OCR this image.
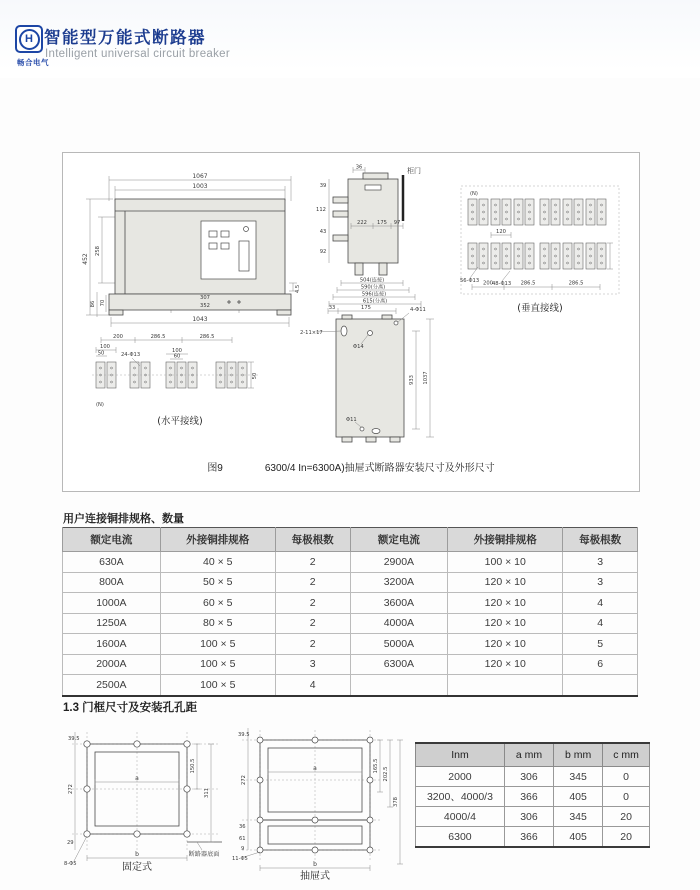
H
畅合电气
智能型万能式断路器
Intelligent universal circuit breaker
1067
1003
452
258
86 70
307
352
1043
4.5
柜门
36
39
112
43
92
222 175 97
504(连接)
590(分离)
596(连接)
615(分离)
(N)
120
56-Φ13 48-Φ13
200	286.5	286.5
(垂直接线)
200	286.5	286.5
100
50	24-Φ13
100
60
50
(N)
(水平接线)
33	175	4-Φ11
2-11×17
Φ14
933 1037
Φ11
图9	6300/4 In=6300A)抽屉式断路器安装尺寸及外形尺寸
用户连接铜排规格、数量
额定电流	外接铜排规格	每极根数	额定电流	外接铜排规格	每极根数
630A	40 × 5	2	2900A	100 × 10	3
800A	50 × 5	2	3200A	120 × 10	3
1000A	60 × 5	2	3600A	120 × 10	4
1250A	80 × 5	2	4000A	120 × 10	4
1600A	100 × 5	2	5000A	120 × 10	5
2000A	100 × 5	3	6300A	120 × 10	6
2500A	100 × 5	4			
1.3 门框尺寸及安装孔孔距
39.5
272
29
a
150.5
311
b
8-Φ5
断路器底面
固定式
39.5
272
36
61
9
a	165.5
202.5
378
b
11-Φ5
抽屉式
Inm	a mm	b mm	c mm
2000	306	345	0
3200、4000/3	366	405	0
4000/4	306	345	20
6300	366	405	20
